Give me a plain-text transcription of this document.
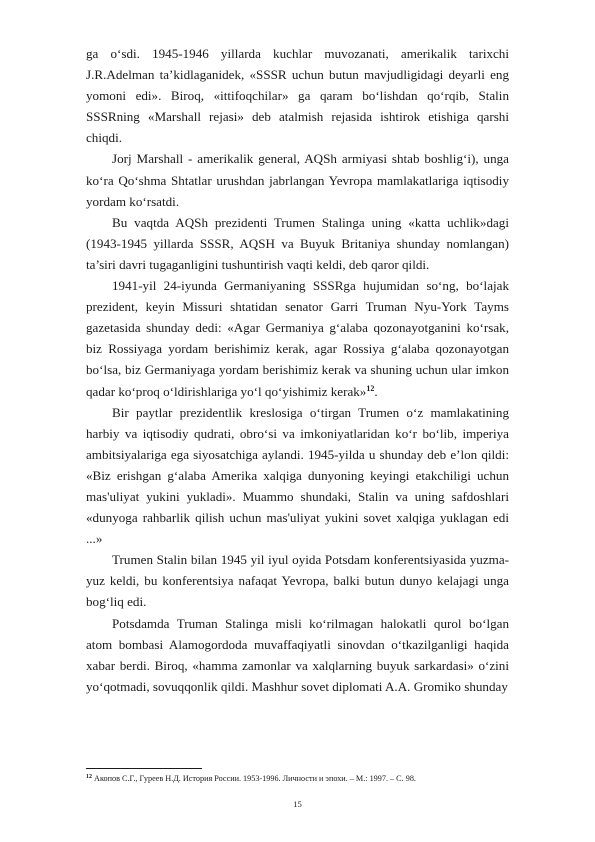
ga o‘sdi. 1945-1946 yillarda kuchlar muvozanati, amerikalik tarixchi J.R.Adelman ta’kidlaganidek, «SSSR uchun butun mavjudligidagi deyarli eng yomoni edi». Biroq, «ittifoqchilar» ga qaram bo‘lishdan qo‘rqib, Stalin SSSRning «Marshall rejasi» deb atalmish rejasida ishtirok etishiga qarshi chiqdi.

Jorj Marshall - amerikalik general, AQSh armiyasi shtab boshlig‘i), unga ko‘ra Qo‘shma Shtatlar urushdan jabrlangan Yevropa mamlakatlariga iqtisodiy yordam ko‘rsatdi.

Bu vaqtda AQSh prezidenti Trumen Stalinga uning «katta uchlik»dagi (1943-1945 yillarda SSSR, AQSH va Buyuk Britaniya shunday nomlangan) ta’siri davri tugaganligini tushuntirish vaqti keldi, deb qaror qildi.

1941-yil 24-iyunda Germaniyaning SSSRga hujumidan so‘ng, bo‘lajak prezident, keyin Missuri shtatidan senator Garri Truman Nyu-York Tayms gazetasida shunday dedi: «Agar Germaniya g‘alaba qozonayotganini ko‘rsak, biz Rossiyaga yordam berishimiz kerak, agar Rossiya g‘alaba qozonayotgan bo‘lsa, biz Germaniyaga yordam berishimiz kerak va shuning uchun ular imkon qadar ko‘proq o‘ldirishlariga yo‘l qo‘yishimiz kerak»$^{12}$.

Bir paytlar prezidentlik kreslosiga o‘tirgan Trumen o‘z mamlakatining harbiy va iqtisodiy qudrati, obro‘si va imkoniyatlaridan ko‘r bo‘lib, imperiya ambitsiyalariga ega siyosatchiga aylandi. 1945-yilda u shunday deb e’lon qildi: «Biz erishgan g‘alaba Amerika xalqiga dunyoning keyingi etakchiligi uchun mas'uliyat yukini yukladi». Muammo shundaki, Stalin va uning safdoshlari «dunyoga rahbarlik qilish uchun mas'uliyat yukini sovet xalqiga yuklagan edi ...»

Trumen Stalin bilan 1945 yil iyul oyida Potsdam konferentsiyasida yuzma-yuz keldi, bu konferentsiya nafaqat Yevropa, balki butun dunyo kelajagi unga bog‘liq edi.

Potsdamda Truman Stalinga misli ko‘rilmagan halokatli qurol bo‘lgan atom bombasi Alamogordoda muvaffaqiyatli sinovdan o‘tkazilganligi haqida xabar berdi. Biroq, «hamma zamonlar va xalqlarning buyuk sarkardasi» o‘zini yo‘qotmadi, sovuqqonlik qildi. Mashhur sovet diplomati A.A. Gromiko shunday

$^{12}$ Акопов С.Г., Гуреев Н.Д. История России. 1953-1996. Личности и эпохи. – М.: 1997. – С. 98.
15
